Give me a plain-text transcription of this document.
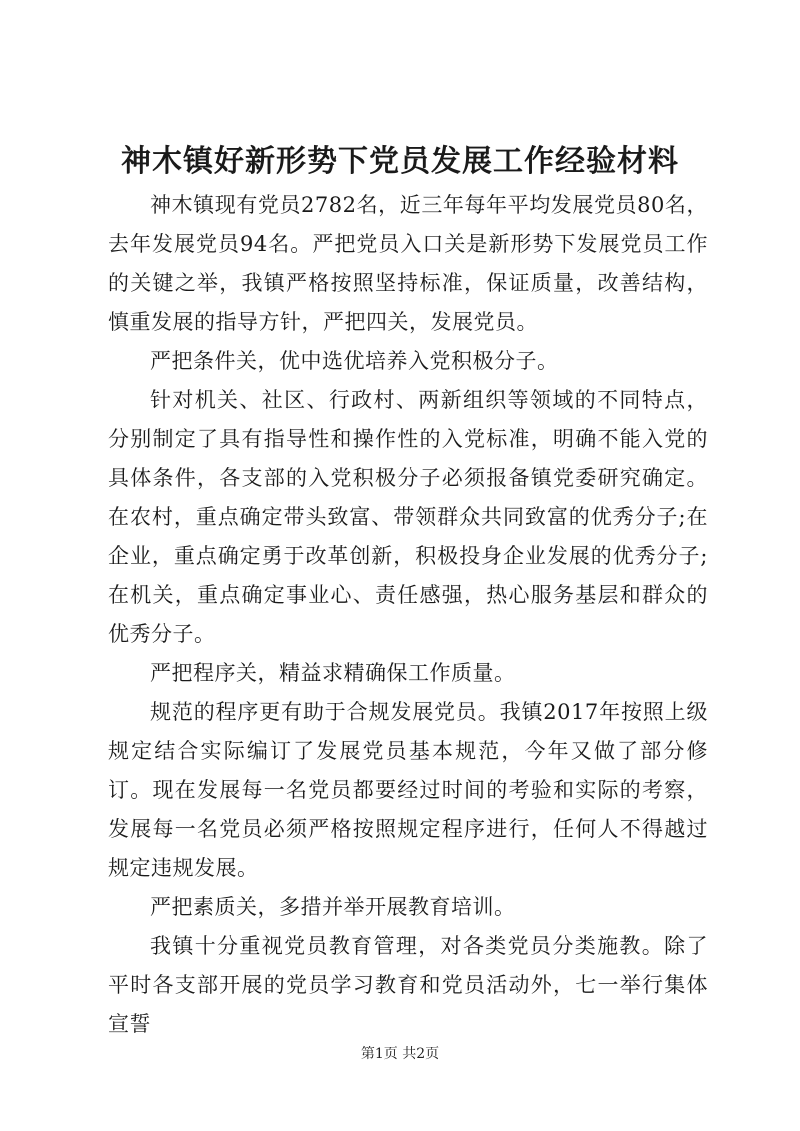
神木镇好新形势下党员发展工作经验材料

神木镇现有党员2782名，近三年每年平均发展党员80名，去年发展党员94名。严把党员入口关是新形势下发展党员工作的关键之举，我镇严格按照坚持标准，保证质量，改善结构，慎重发展的指导方针，严把四关，发展党员。

严把条件关，优中选优培养入党积极分子。

针对机关、社区、行政村、两新组织等领域的不同特点，分别制定了具有指导性和操作性的入党标准，明确不能入党的具体条件，各支部的入党积极分子必须报备镇党委研究确定。在农村，重点确定带头致富、带领群众共同致富的优秀分子;在企业，重点确定勇于改革创新，积极投身企业发展的优秀分子;在机关，重点确定事业心、责任感强，热心服务基层和群众的优秀分子。

严把程序关，精益求精确保工作质量。

规范的程序更有助于合规发展党员。我镇2017年按照上级规定结合实际编订了发展党员基本规范，今年又做了部分修订。现在发展每一名党员都要经过时间的考验和实际的考察，发展每一名党员必须严格按照规定程序进行，任何人不得越过规定违规发展。

严把素质关，多措并举开展教育培训。

我镇十分重视党员教育管理，对各类党员分类施教。除了平时各支部开展的党员学习教育和党员活动外，七一举行集体宣誓

第1页 共2页
